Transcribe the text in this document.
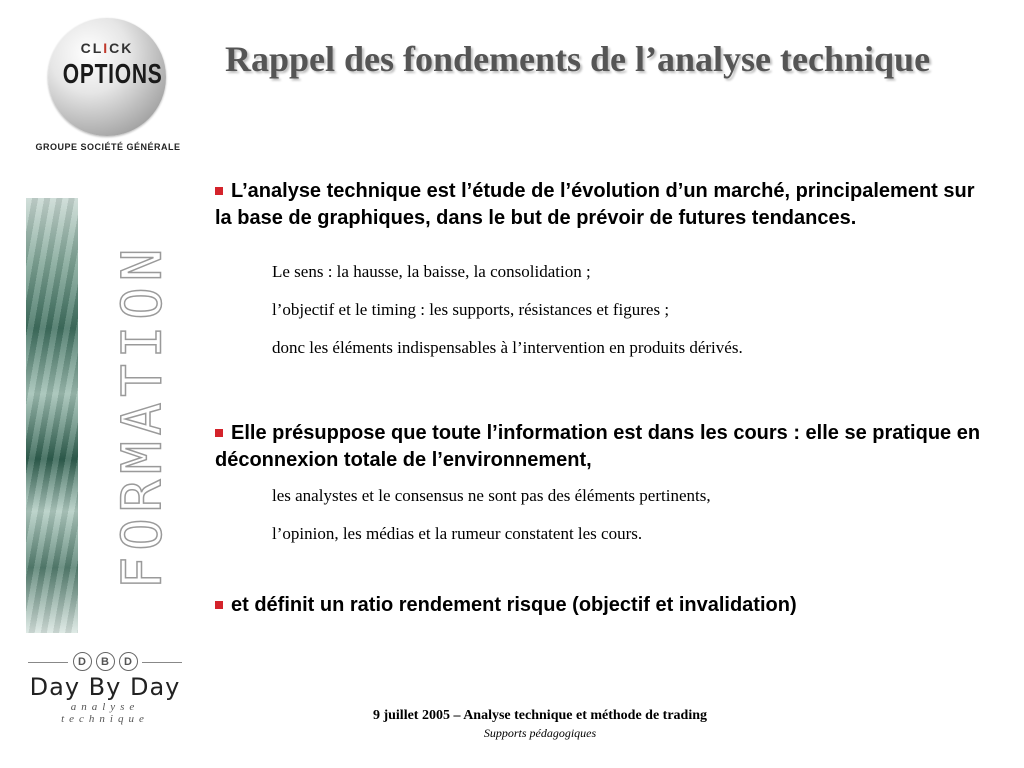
CLICK
OPTIONS
GROUPE SOCIÉTÉ GÉNÉRALE
FORMATION
Rappel des fondements de l’analyse technique

L’analyse technique est l’étude de l’évolution d’un marché, principalement sur la base de graphiques, dans le but de prévoir de futures tendances.

Le sens : la hausse, la baisse, la consolidation ;

l’objectif et le timing : les supports, résistances et figures ;

donc les éléments indispensables à l’intervention en produits dérivés.

Elle présuppose que toute l’information est dans les cours : elle se pratique en déconnexion totale de l’environnement,

les analystes et le consensus ne sont pas des éléments pertinents,

l’opinion, les médias et la rumeur constatent les cours.

et définit un ratio rendement risque (objectif et invalidation)

D	B	D
Day By Day
analyse
technique	9 juillet 2005 – Analyse technique et méthode de trading
Supports pédagogiques
